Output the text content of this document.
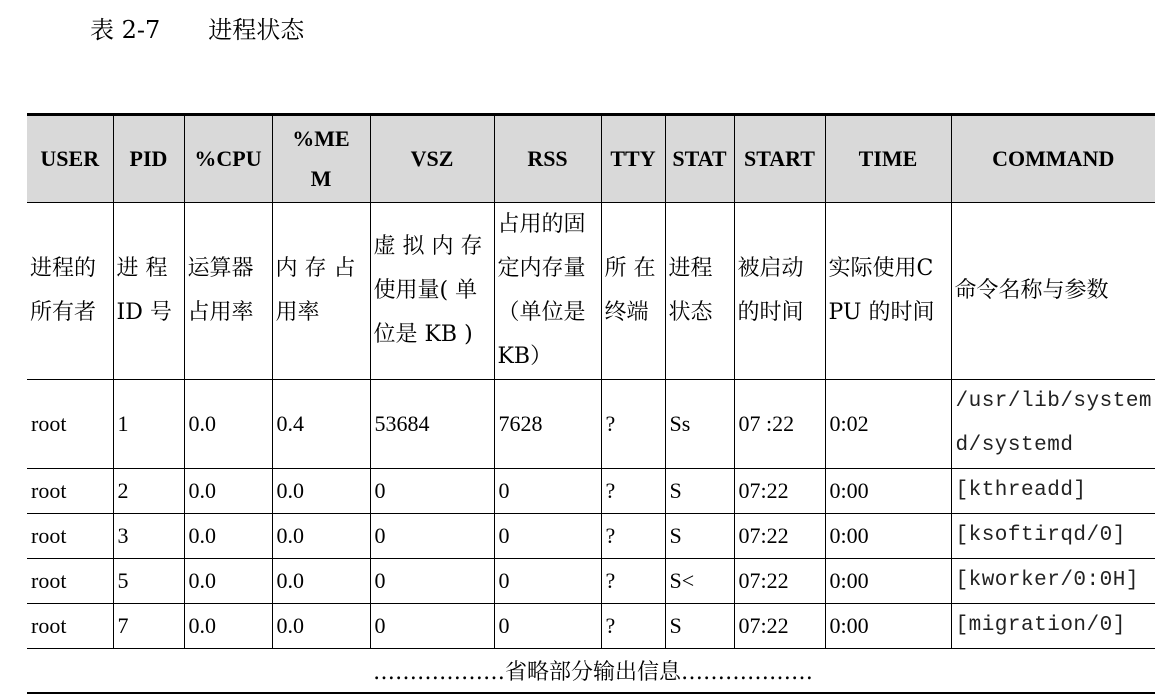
表 2-7 进程状态
USER	PID	%CPU	%MEM	VSZ	RSS	TTY	STAT	START	TIME	COMMAND
进程的所有者	进 程 ID 号	运算器占用率	内 存 占用率	虚 拟 内 存使用量( 单位是 KB )	占用的固定内存量（单位是KB）	所 在终端	进程状态	被启动的时间	实际使用CPU 的时间	命令名称与参数
root	1	0.0	0.4	53684	7628	?	Ss	07 :22	0:02	/usr/lib/systemd/systemd
root	2	0.0	0.0	0	0	?	S	07:22	0:00	[kthreadd]
root	3	0.0	0.0	0	0	?	S	07:22	0:00	[ksoftirqd/0]
root	5	0.0	0.0	0	0	?	S<	07:22	0:00	[kworker/0:0H]
root	7	0.0	0.0	0	0	?	S	07:22	0:00	[migration/0]
………………省略部分输出信息………………										
